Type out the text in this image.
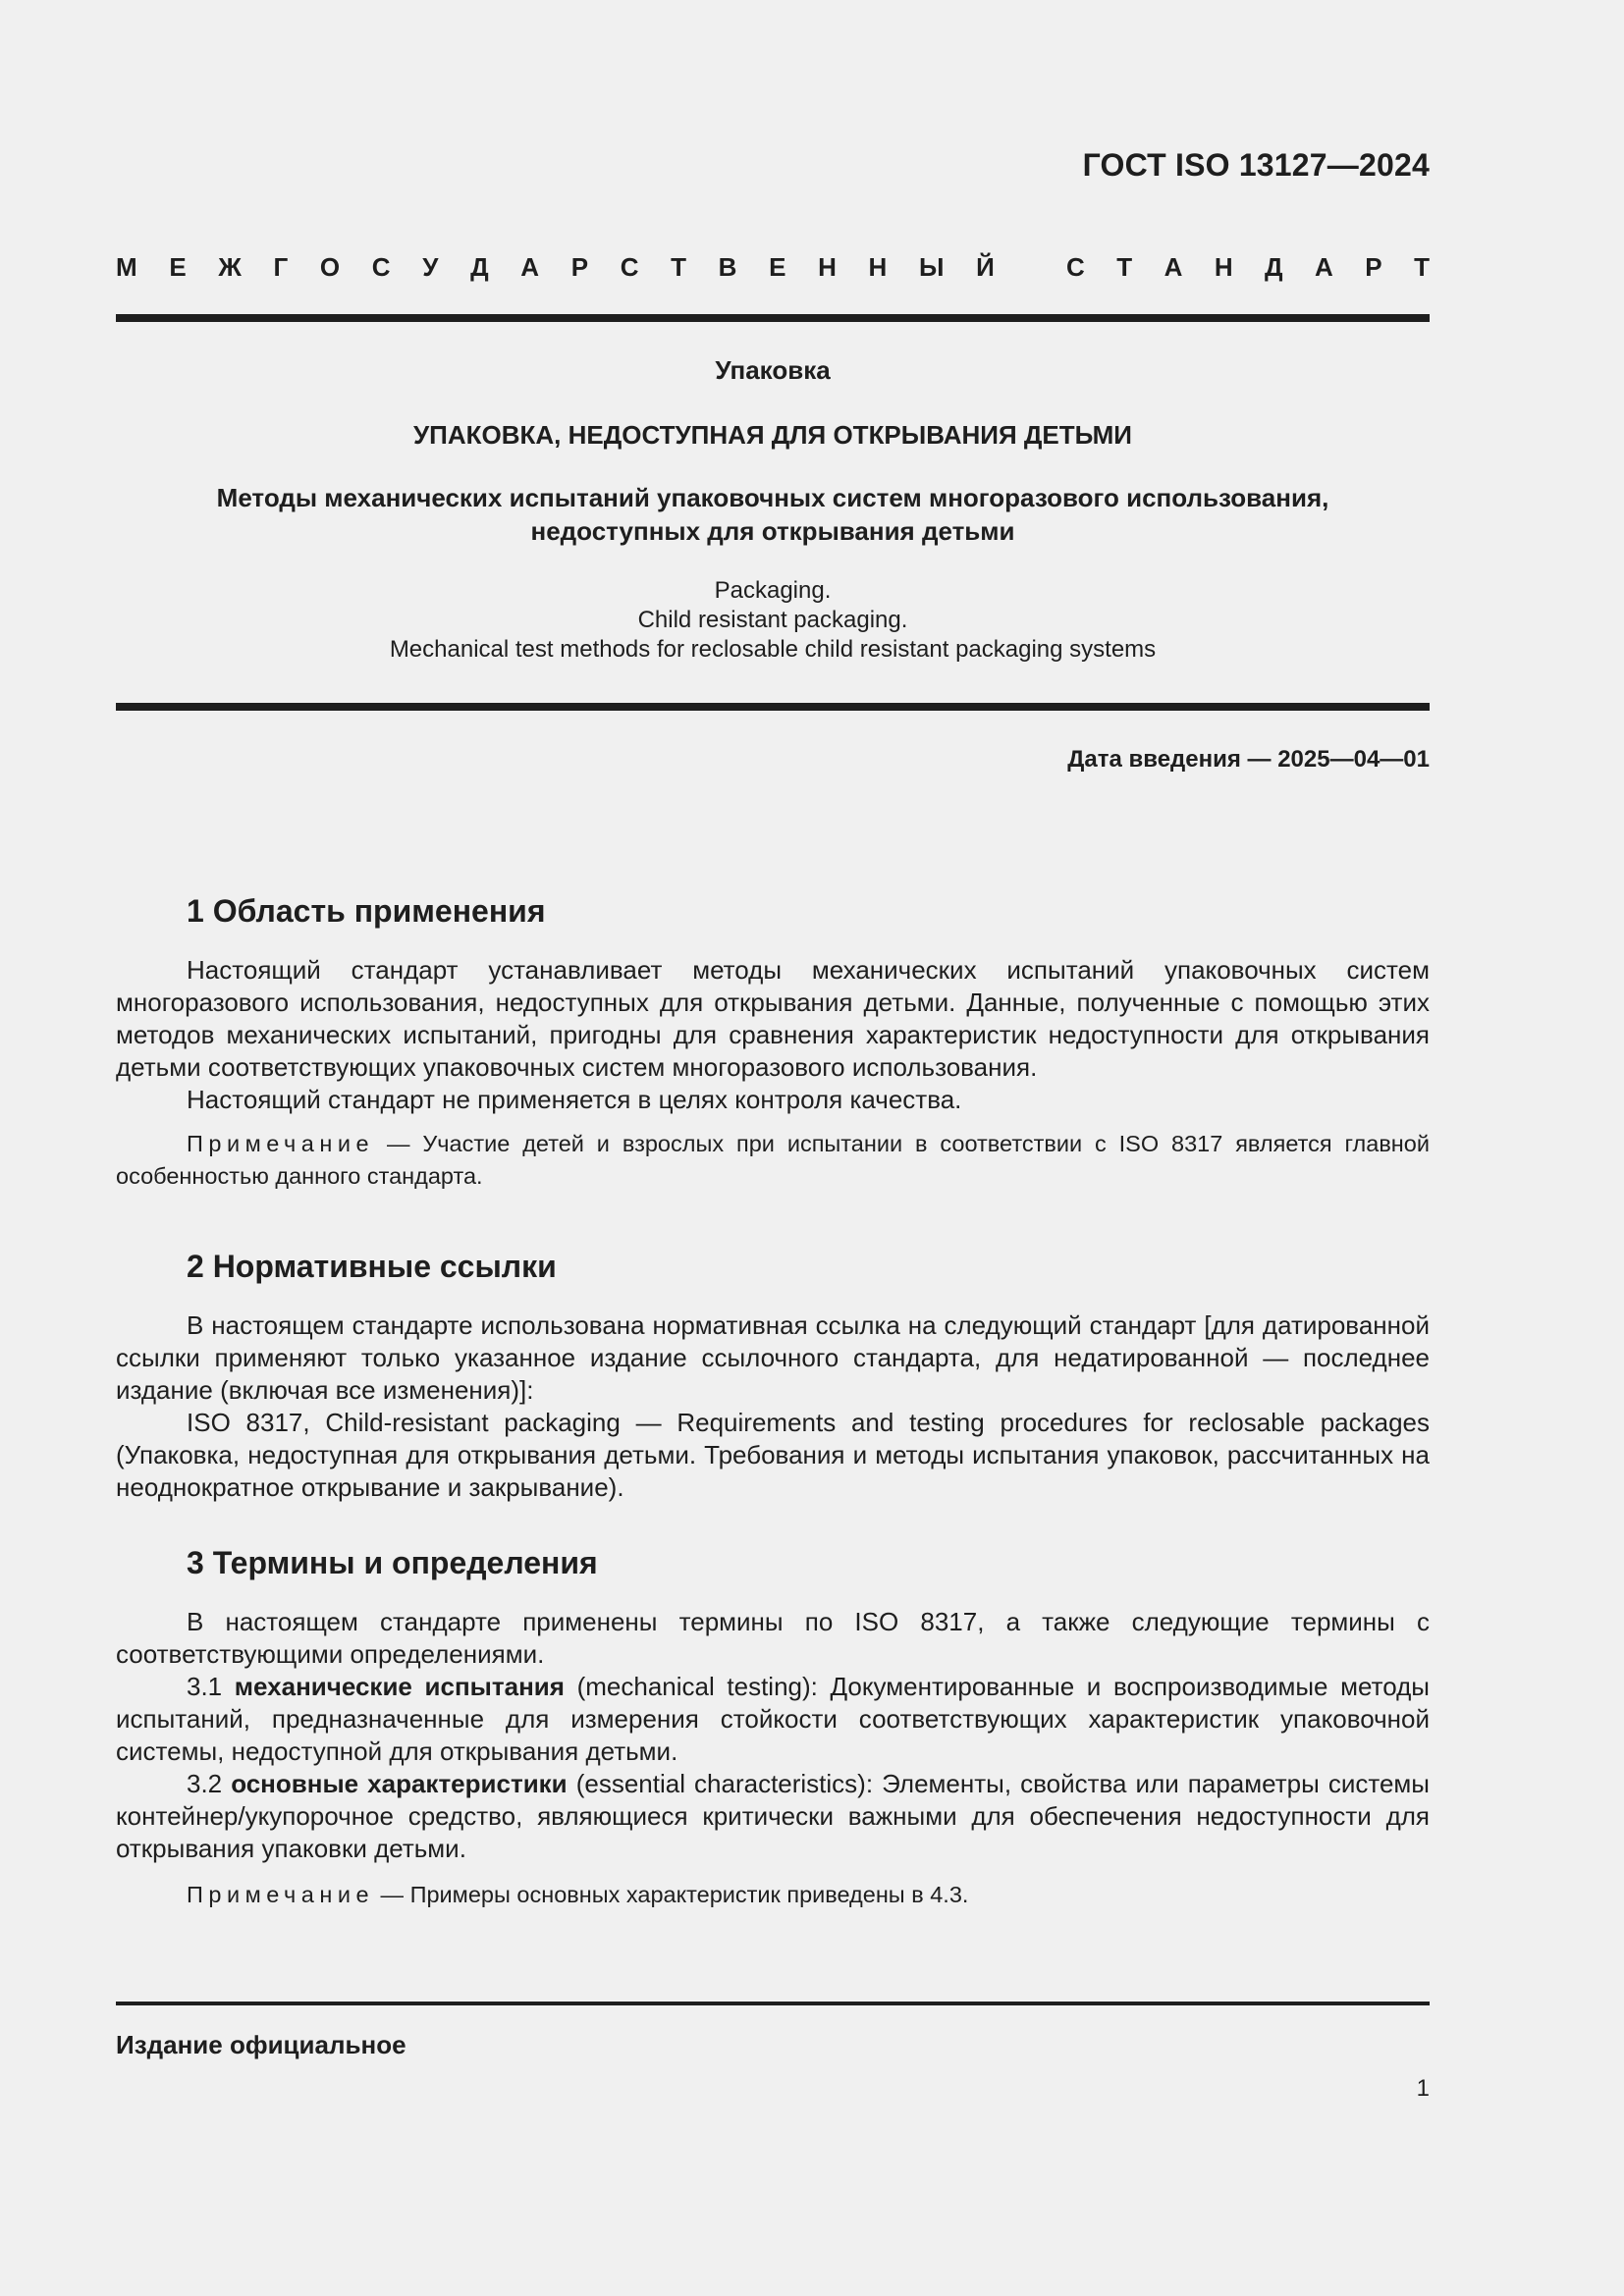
ГОСТ ISO 13127—2024
М Е Ж Г О С У Д А Р С Т В Е Н Н Ы Й	С Т А Н Д А Р Т
Упаковка
УПАКОВКА, НЕДОСТУПНАЯ ДЛЯ ОТКРЫВАНИЯ ДЕТЬМИ
Методы механических испытаний упаковочных систем многоразового использования,
недоступных для открывания детьми
Packaging.
Child resistant packaging.
Mechanical test methods for reclosable child resistant packaging systems
Дата введения — 2025—04—01
1 Область применения

Настоящий стандарт устанавливает методы механических испытаний упаковочных систем многоразового использования, недоступных для открывания детьми. Данные, полученные с помощью этих методов механических испытаний, пригодны для сравнения характеристик недоступности для открывания детьми соответствующих упаковочных систем многоразового использования.

Настоящий стандарт не применяется в целях контроля качества.

Примечание — Участие детей и взрослых при испытании в соответствии с ISO 8317 является главной особенностью данного стандарта.

2 Нормативные ссылки

В настоящем стандарте использована нормативная ссылка на следующий стандарт [для датированной ссылки применяют только указанное издание ссылочного стандарта, для недатированной — последнее издание (включая все изменения)]:

ISO 8317, Child-resistant packaging — Requirements and testing procedures for reclosable packages (Упаковка, недоступная для открывания детьми. Требования и методы испытания упаковок, рассчитанных на неоднократное открывание и закрывание).

3 Термины и определения

В настоящем стандарте применены термины по ISO 8317, а также следующие термины с соответствующими определениями.

3.1 механические испытания (mechanical testing): Документированные и воспроизводимые методы испытаний, предназначенные для измерения стойкости соответствующих характеристик упаковочной системы, недоступной для открывания детьми.

3.2 основные характеристики (essential characteristics): Элементы, свойства или параметры системы контейнер/укупорочное средство, являющиеся критически важными для обеспечения недоступности для открывания упаковки детьми.

Примечание — Примеры основных характеристик приведены в 4.3.

Издание официальное
1
